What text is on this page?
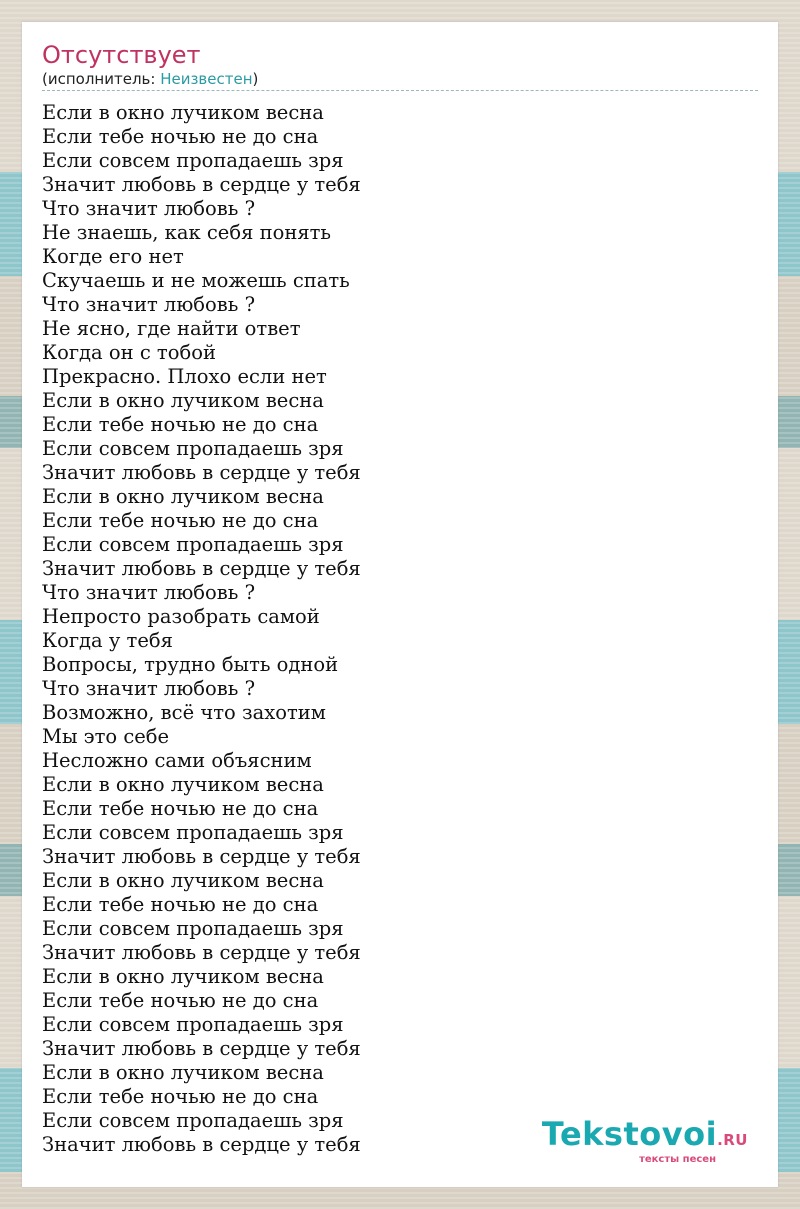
Отсутствует
(исполнитель: Неизвестен)
Если в окно лучиком весна
Если тебе ночью не до сна
Если совсем пропадаешь зря
Значит любовь в сердце у тебя
Что значит любовь ?
Не знаешь, как себя понять
Когде его нет
Скучаешь и не можешь спать
Что значит любовь ?
Не ясно, где найти ответ
Когда он с тобой
Прекрасно. Плохо если нет
Если в окно лучиком весна
Если тебе ночью не до сна
Если совсем пропадаешь зря
Значит любовь в сердце у тебя
Если в окно лучиком весна
Если тебе ночью не до сна
Если совсем пропадаешь зря
Значит любовь в сердце у тебя
Что значит любовь ?
Непросто разобрать самой
Когда у тебя
Вопросы, трудно быть одной
Что значит любовь ?
Возможно, всё что захотим
Мы это себе
Несложно сами объясним
Если в окно лучиком весна
Если тебе ночью не до сна
Если совсем пропадаешь зря
Значит любовь в сердце у тебя
Если в окно лучиком весна
Если тебе ночью не до сна
Если совсем пропадаешь зря
Значит любовь в сердце у тебя
Если в окно лучиком весна
Если тебе ночью не до сна
Если совсем пропадаешь зря
Значит любовь в сердце у тебя
Если в окно лучиком весна
Если тебе ночью не до сна
Если совсем пропадаешь зря
Значит любовь в сердце у тебя	Tekstovoi.RU
тексты песен
